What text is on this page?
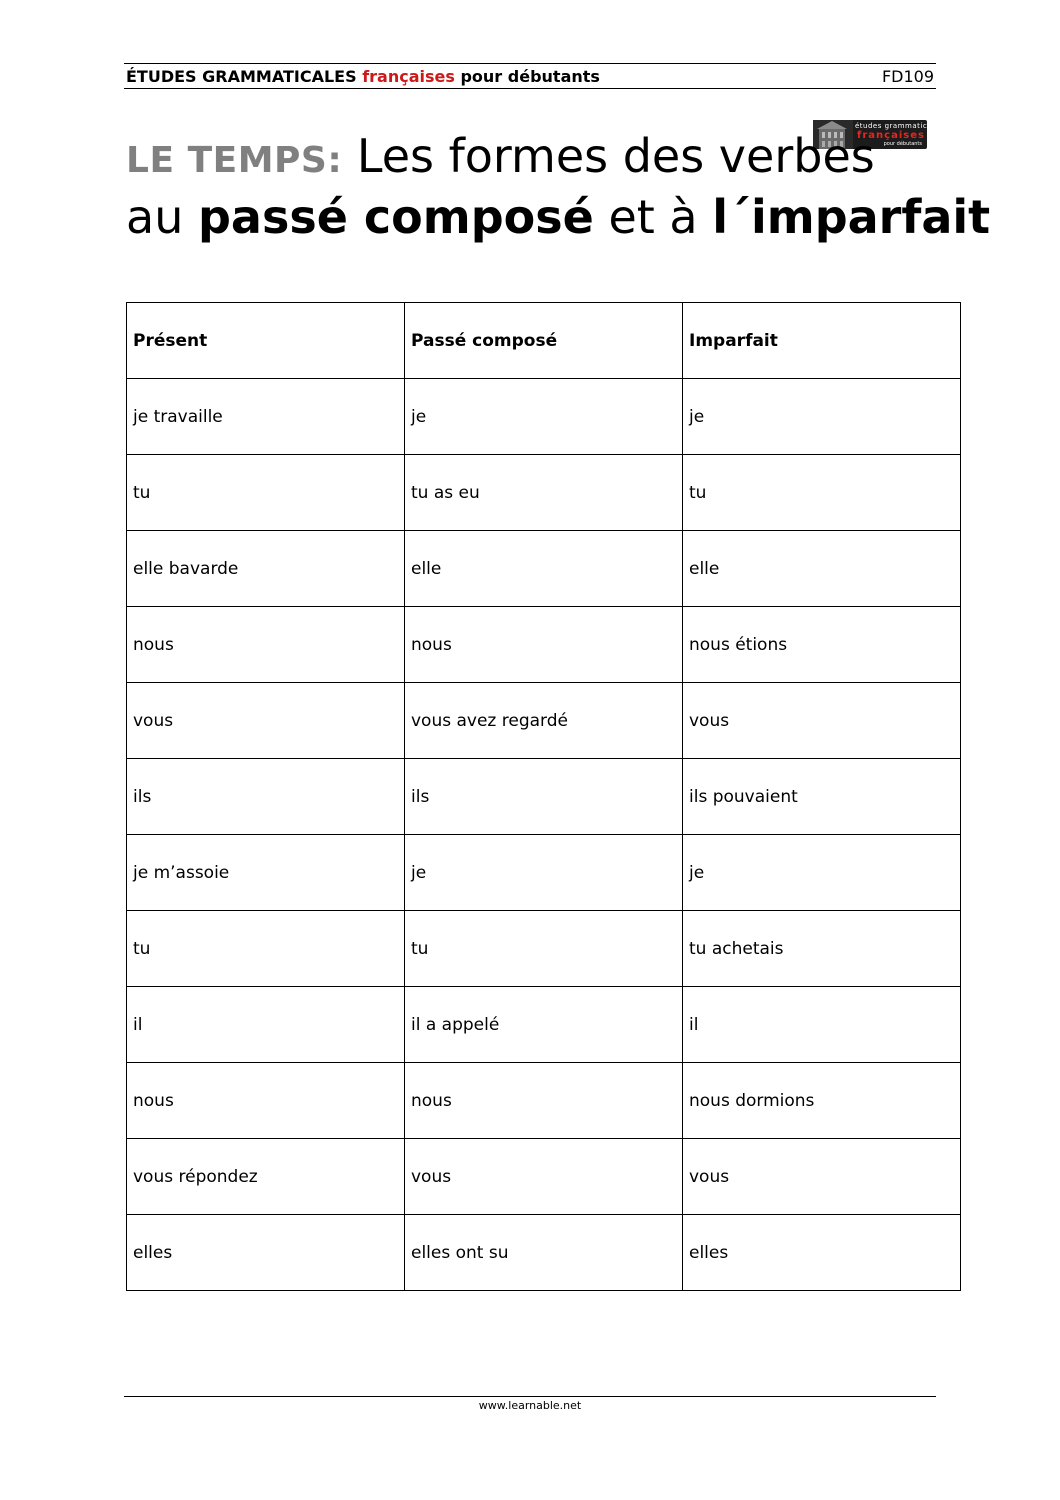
ÉTUDES GRAMMATICALES françaises pour débutants	FD109
études grammaticales
françaises
pour débutants
LE TEMPS: Les formes des verbes
au passé composé et à l´imparfait
Présent	Passé composé	Imparfait
je travaille	je	je
tu	tu as eu	tu
elle bavarde	elle	elle
nous	nous	nous étions
vous	vous avez regardé	vous
ils	ils	ils pouvaient
je m’assoie	je	je
tu	tu	tu achetais
il	il a appelé	il
nous	nous	nous dormions
vous répondez	vous	vous
elles	elles ont su	elles
www.learnable.net
